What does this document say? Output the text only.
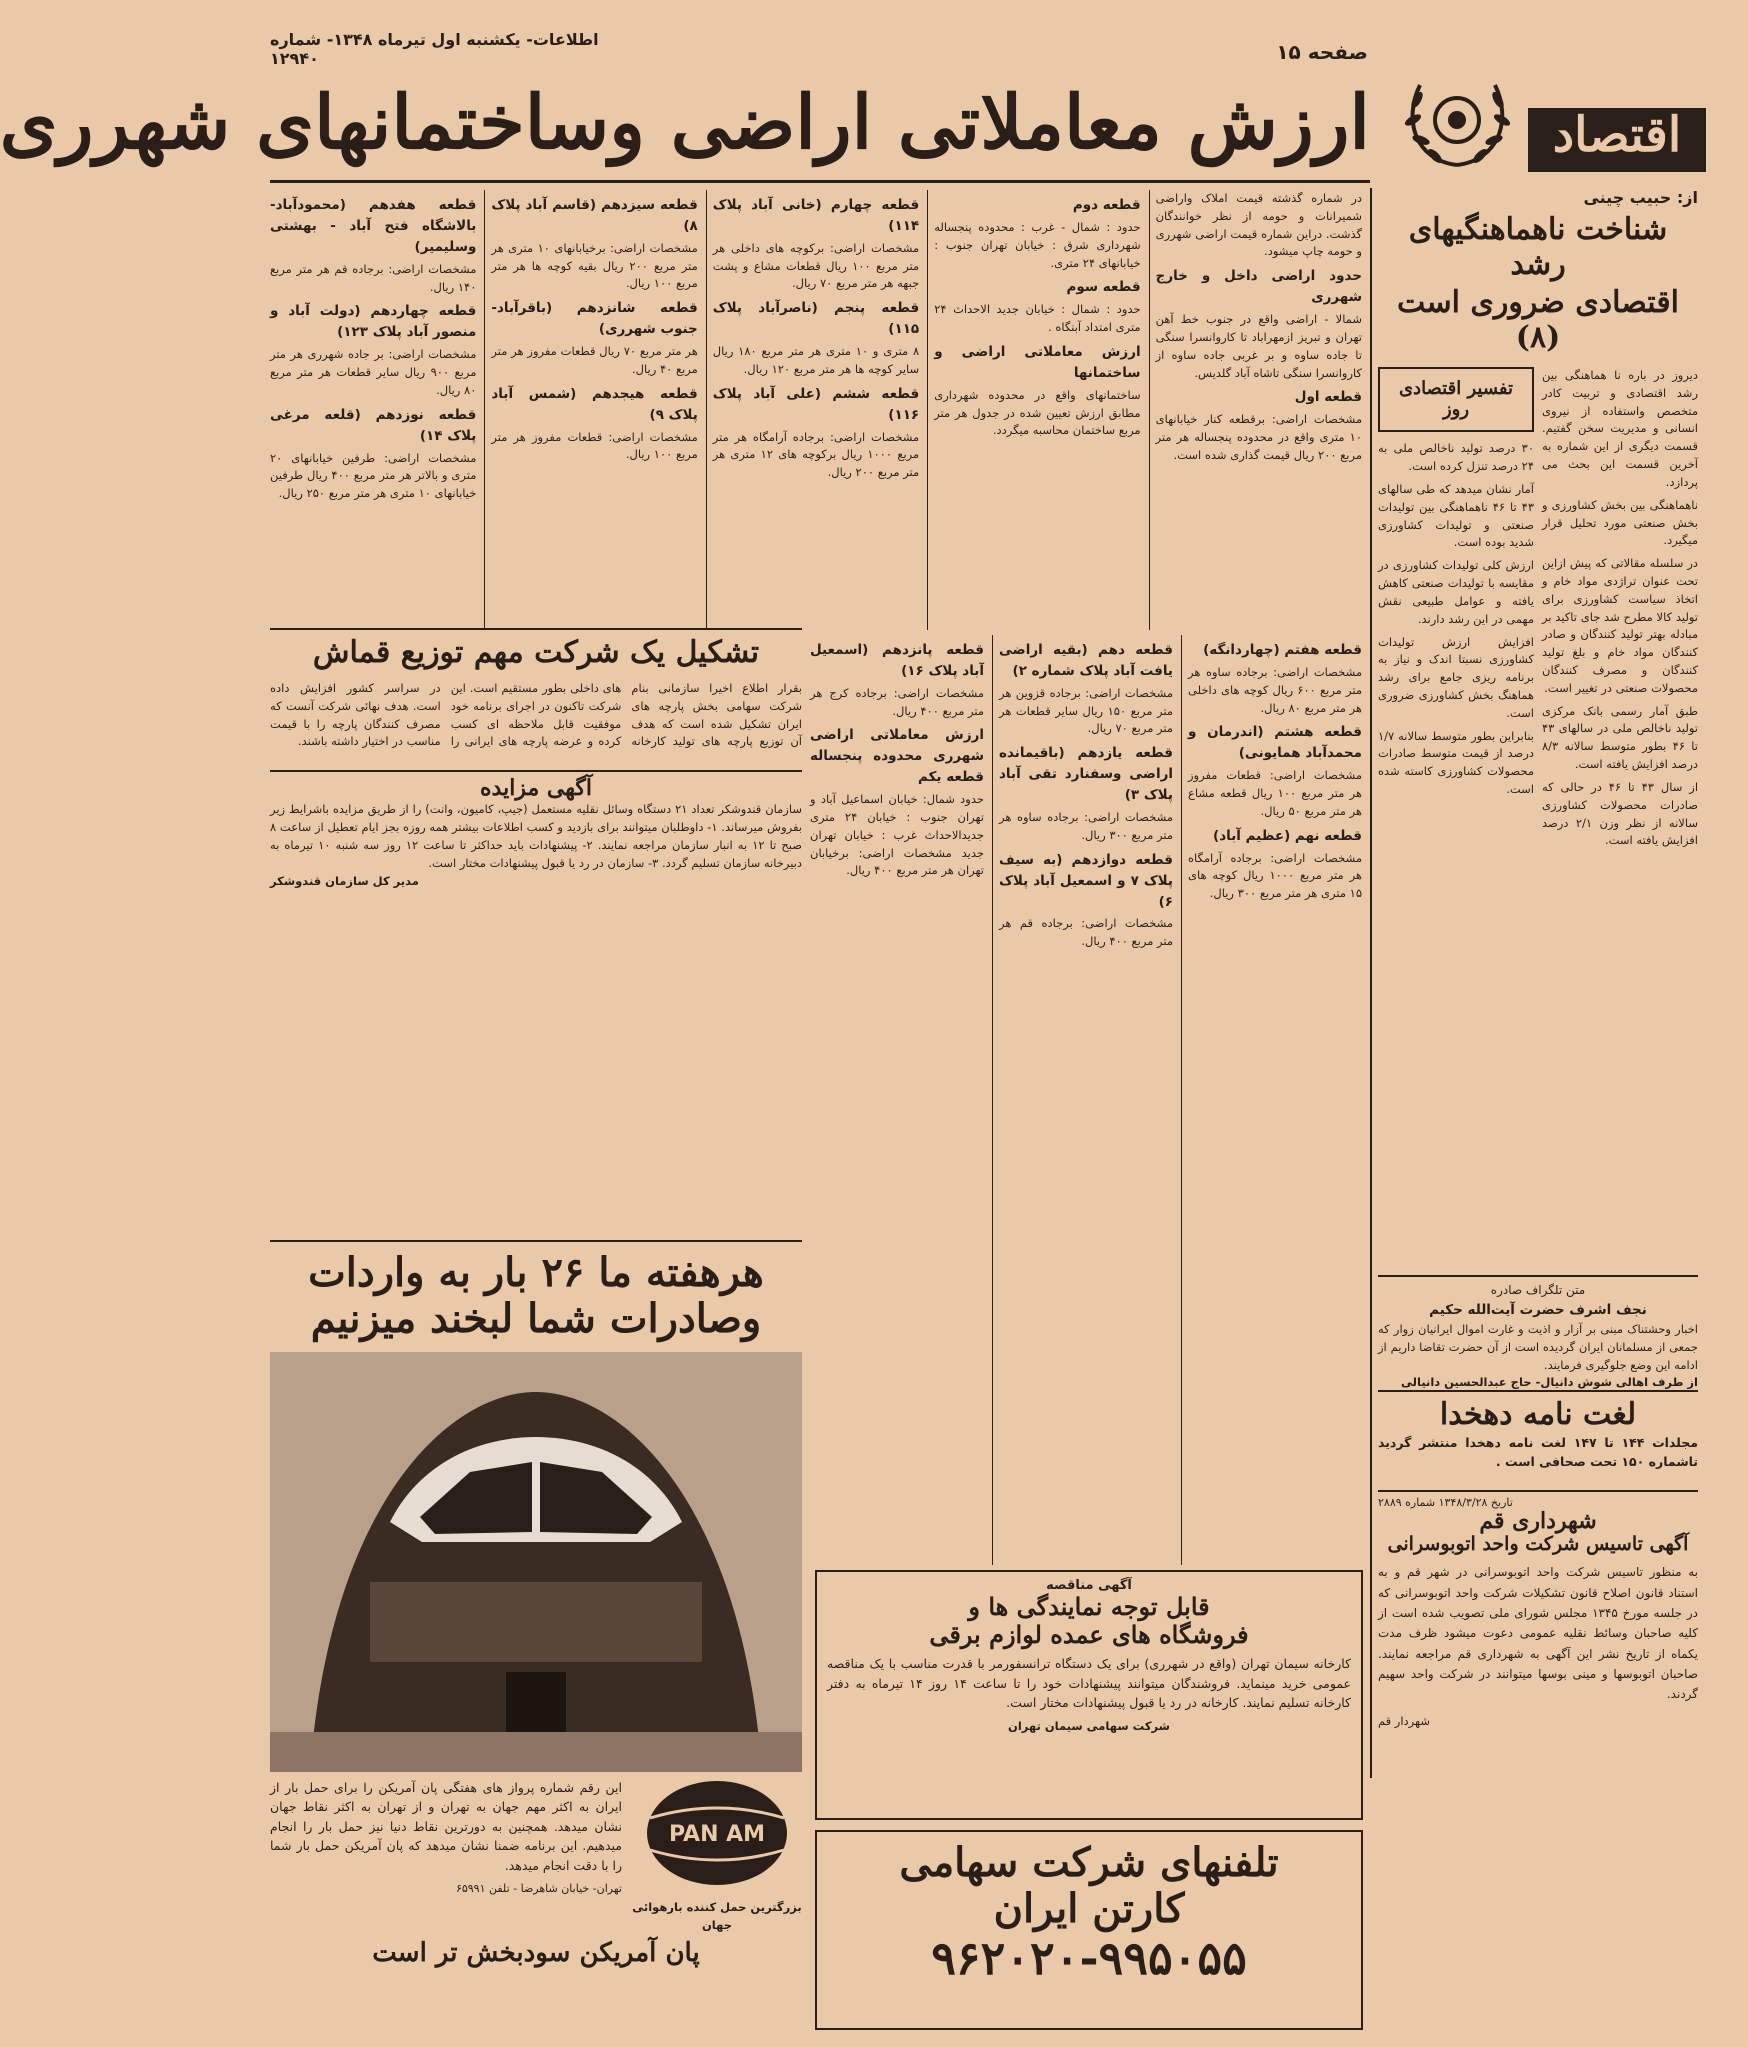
اطلاعات- یکشنبه اول تیرماه ۱۳۴۸- شماره ۱۲۹۴۰	صفحه ۱۵
اقتصاد
ارزش معاملاتی اراضی وساختمانهای شهرری
از: حبیب چینی
شناخت ناهماهنگیهای رشد
اقتصادی ضروری است (۸)

دیروز در باره نا هماهنگی بین رشد اقتصادی و تربیت کادر متخصص واستفاده از نیروی انسانی و مدیریت سخن گفتیم. قسمت دیگری از این شماره به آخرین قسمت این بحث می پردازد.

ناهماهنگی بین بخش کشاورزی و بخش صنعتی مورد تحلیل قرار میگیرد.

در سلسله مقالاتی که پیش ازاین تحت عنوان تراژدی مواد خام و اتخاذ سیاست کشاورزی برای تولید کالا مطرح شد جای تاکید بر مبادله بهتر تولید کنندگان و صادر کنندگان مواد خام و بلغ تولید کنندگان و مصرف کنندگان محصولات صنعتی در تغییر است.

طبق آمار رسمی بانک مرکزی تولید ناخالص ملی در سالهای ۴۳ تا ۴۶ بطور متوسط سالانه ۸/۳ درصد افزایش یافته است.

از سال ۴۳ تا ۴۶ در حالی که صادرات محصولات کشاورزی سالانه از نظر وزن ۲/۱ درصد افزایش یافته است.

تفسیر اقتصادی روز

۳۰ درصد تولید ناخالص ملی به ۲۴ درصد تنزل کرده است.

آمار نشان میدهد که طی سالهای ۴۳ تا ۴۶ ناهماهنگی بین تولیدات صنعتی و تولیدات کشاورزی شدید بوده است.

ارزش کلی تولیدات کشاورزی در مقایسه با تولیدات صنعتی کاهش یافته و عوامل طبیعی نقش مهمی در این رشد دارند.

افزایش ارزش تولیدات کشاورزی نسبتا اندک و نیاز به برنامه ریزی جامع برای رشد هماهنگ بخش کشاورزی ضروری است.

بنابراین بطور متوسط سالانه ۱/۷ درصد از قیمت متوسط صادرات محصولات کشاورزی کاسته شده است.

متن تلگراف صادره
نجف اشرف حضرت آیت‌الله حکیم
اخبار وحشتناک مبنی بر آزار و اذیت و غارت اموال ایرانیان زوار که جمعی از مسلمانان ایران گردیده است از آن حضرت تقاضا داریم از ادامه این وضع جلوگیری فرمایند.
از طرف اهالی شوش دانیال- حاج عبدالحسین دانیالی
لغت نامه دهخدا
مجلدات ۱۴۴ تا ۱۴۷ لغت نامه دهخدا منتشر گردید تاشماره ۱۵۰ تحت صحافی است .
تاریخ ۱۳۴۸/۳/۲۸ شماره ۲۸۸۹
شهرداری قم
آگهی تاسیس شرکت واحد اتوبوسرانی
به منظور تاسیس شرکت واحد اتوبوسرانی در شهر قم و به استناد قانون اصلاح قانون تشکیلات شرکت واحد اتوبوسرانی که در جلسه مورخ ۱۳۴۵ مجلس شورای ملی تصویب شده است از کلیه صاحبان وسائط نقلیه عمومی دعوت میشود ظرف مدت یکماه از تاریخ نشر این آگهی به شهرداری قم مراجعه نمایند. صاحبان اتوبوسها و مینی بوسها میتوانند در شرکت واحد سهیم گردند.
شهردار قم

در شماره گذشته قیمت املاک واراضی شمیرانات و حومه از نظر خوانندگان گذشت. دراین شماره قیمت اراضی شهرری و حومه چاپ میشود.

حدود اراضی داخل و خارج شهرری

شمالا - اراضی واقع در جنوب خط آهن تهران و تبریز ازمهراباد تا کاروانسرا سنگی تا جاده ساوه و بر غربی جاده ساوه از کاروانسرا سنگی تاشاه آباد گلدیس.

قطعه اول

مشخصات اراضی: برقطعه کنار خیابانهای ۱۰ متری واقع در محدوده پنجساله هر متر مربع ۲۰۰ ریال قیمت گذاری شده است.

قطعه دوم

حدود : شمال - غرب : محدوده پنجساله شهرداری شرق : خیابان تهران جنوب : خیابانهای ۲۴ متری.

قطعه سوم

حدود : شمال : خیابان جدید الاحداث ۲۴ متری امتداد آبنگاه .

ارزش معاملاتی اراضی و ساختمانها

ساختمانهای واقع در محدوده شهرداری مطابق ارزش تعیین شده در جدول هر متر مربع ساختمان محاسبه میگردد.

قطعه چهارم (خانی آباد پلاک ۱۱۴)

مشخصات اراضی: برکوچه های داخلی هر متر مربع ۱۰۰ ریال قطعات مشاع و پشت جبهه هر متر مربع ۷۰ ریال.

قطعه پنجم (ناصرآباد پلاک ۱۱۵)

۸ متری و ۱۰ متری هر متر مربع ۱۸۰ ریال سایر کوچه ها هر متر مربع ۱۲۰ ریال.

قطعه ششم (علی آباد پلاک ۱۱۶)

مشخصات اراضی: برجاده آرامگاه هر متر مربع ۱۰۰۰ ریال برکوچه های ۱۲ متری هر متر مربع ۲۰۰ ریال.

قطعه سیزدهم (قاسم آباد پلاک ۸)

مشخصات اراضی: برخیابانهای ۱۰ متری هر متر مربع ۲۰۰ ریال بقیه کوچه ها هر متر مربع ۱۰۰ ریال.

قطعه شانزدهم (باقرآباد- جنوب شهرری)

هر متر مربع ۷۰ ریال قطعات مفروز هر متر مربع ۴۰ ریال.

قطعه هیجدهم (شمس آباد پلاک ۹)

مشخصات اراضی: قطعات مفروز هر متر مربع ۱۰۰ ریال.

قطعه هفدهم (محمودآباد- بالاشگاه فتح آباد - بهشتی وسلیمیر)

مشخصات اراضی: برجاده قم هر متر مربع ۱۴۰ ریال.

قطعه چهاردهم (دولت آباد و منصور آباد پلاک ۱۲۳)

مشخصات اراضی: بر جاده شهرری هر متر مربع ۹۰۰ ریال سایر قطعات هر متر مربع ۸۰ ریال.

قطعه نوزدهم (قلعه مرغی پلاک ۱۴)

مشخصات اراضی: طرفین خیابانهای ۲۰ متری و بالاتر هر متر مربع ۴۰۰ ریال طرفین خیابانهای ۱۰ متری هر متر مربع ۲۵۰ ریال.

قطعه هفتم (چهاردانگه)

مشخصات اراضی: برجاده ساوه هر متر مربع ۶۰۰ ریال کوچه های داخلی هر متر مربع ۸۰ ریال.

قطعه هشتم (اندرمان و محمدآباد همایونی)

مشخصات اراضی: قطعات مفروز هر متر مربع ۱۰۰ ریال قطعه مشاع هر متر مربع ۵۰ ریال.

قطعه نهم (عظیم آباد)

مشخصات اراضی: برجاده آرامگاه هر متر مربع ۱۰۰۰ ریال کوچه های ۱۵ متری هر متر مربع ۳۰۰ ریال.

قطعه دهم (بقیه اراضی یافت آباد پلاک شماره ۲)

مشخصات اراضی: برجاده قزوین هر متر مربع ۱۵۰ ریال سایر قطعات هر متر مربع ۷۰ ریال.

قطعه یازدهم (باقیمانده اراضی وسفنارد تقی آباد پلاک ۳)

مشخصات اراضی: برجاده ساوه هر متر مربع ۳۰۰ ریال.

قطعه دوازدهم (به سیف پلاک ۷ و اسمعیل آباد پلاک ۶)

مشخصات اراضی: برجاده قم هر متر مربع ۴۰۰ ریال.

قطعه پانزدهم (اسمعیل آباد پلاک ۱۶)

مشخصات اراضی: برجاده کرج هر متر مربع ۴۰۰ ریال.

ارزش معاملاتی اراضی شهرری محدوده پنجساله قطعه یکم

حدود شمال: خیابان اسماعیل آباد و تهران جنوب : خیابان ۲۴ متری جدیدالاحداث غرب : خیابان تهران جدید مشخصات اراضی: برخیابان تهران هر متر مربع ۴۰۰ ریال.

تشکیل یک شرکت مهم توزیع قماش
بقرار اطلاع اخیرا سازمانی بنام شرکت سهامی بخش پارچه های ایران تشکیل شده است که هدف آن توزیع پارچه های تولید کارخانه های داخلی بطور مستقیم است. این شرکت تاکنون در اجرای برنامه خود موفقیت قابل ملاحظه ای کسب کرده و عرضه پارچه های ایرانی را در سراسر کشور افزایش داده است. هدف نهائی شرکت آنست که مصرف کنندگان پارچه را با قیمت مناسب در اختیار داشته باشند.
آگهی مزایده
سازمان قندوشکر تعداد ۲۱ دستگاه وسائل نقلیه مستعمل (جیپ، کامیون، وانت) را از طریق مزایده باشرایط زیر بفروش میرساند. ۱- داوطلبان میتوانند برای بازدید و کسب اطلاعات بیشتر همه روزه بجز ایام تعطیل از ساعت ۸ صبح تا ۱۲ به انبار سازمان مراجعه نمایند. ۲- پیشنهادات باید حداکثر تا ساعت ۱۲ روز سه شنبه ۱۰ تیرماه به دبیرخانه سازمان تسلیم گردد. ۳- سازمان در رد یا قبول پیشنهادات مختار است.
مدیر کل سازمان قندوشکر
هرهفته ما ۲۶ بار به واردات
وصادرات شما لبخند میزنیم
PAN AM
بزرگترین حمل کننده بارهوائی جهان

این رقم شماره پرواز های هفتگی پان آمریکن را برای حمل بار از ایران به اکثر مهم جهان به تهران و از تهران به اکثر نقاط جهان نشان میدهد. همچنین به دورترین نقاط دنیا نیز حمل بار را انجام میدهیم. این برنامه ضمنا نشان میدهد که پان آمریکن حمل بار شما را با دقت انجام میدهد.

تهران- خیابان شاهرضا - تلفن ۶۵۹۹۱

پان آمریکن سودبخش تر است
آگهی مناقصه
قابل توجه نمایندگی ها و
فروشگاه های عمده لوازم برقی
کارخانه سیمان تهران (واقع در شهرری) برای یک دستگاه ترانسفورمر با قدرت مناسب با یک مناقصه عمومی خرید مینماید. فروشندگان میتوانند پیشنهادات خود را تا ساعت ۱۴ روز ۱۴ تیرماه به دفتر کارخانه تسلیم نمایند. کارخانه در رد یا قبول پیشنهادات مختار است.
شرکت سهامی سیمان تهران
تلفنهای شرکت سهامی
کارتن ایران
۹۶۲۰۲۰-۹۹۵۰۵۵
